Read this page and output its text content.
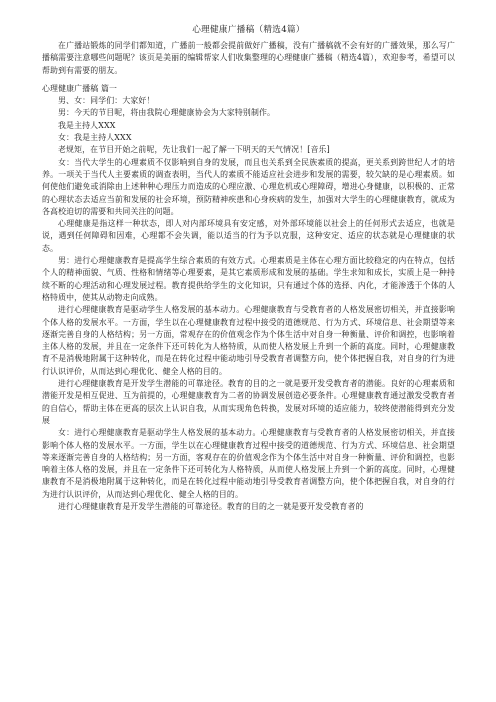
心理健康广播稿（精选4篇）

在广播站锻炼的同学们都知道，广播前一般都会提前做好广播稿，没有广播稿就不会有好的广播效果，那么写广播稿需要注意哪些问题呢？该页是美丽的编辑帮家人们收集整理的心理健康广播稿（精选4篇），欢迎参考，希望可以帮助到有需要的朋友。

心理健康广播稿 篇一

男、女：同学们：大家好！

男：今天的节目呢，将由我院心理健康协会为大家特别制作。

我是主持人XXX

女：我是主持人XXX

老规矩，在节目开始之前呢，先让我们一起了解一下明天的天气情况！[音乐]

女：当代大学生的心理素质不仅影响到自身的发展，而且也关系到全民族素质的提高，更关系到跨世纪人才的培养。一项关于当代人主要素质的调查表明，当代人的素质不能适应社会进步和发展的需要，较欠缺的是心理素质。如何使他们避免或消除由上述种种心理压力而造成的心理应激、心理危机或心理障碍，增进心身健康，以积极的、正常的心理状态去适应当前和发展的社会环境，预防精神疾患和心身疾病的发生，加强对大学生的心理健康教育，就成为各高校迫切的需要和共同关注的问题。

心理健康是指这样一种状态，即人对内部环境具有安定感，对外部环境能以社会上的任何形式去适应，也就是说，遇到任何障碍和因难，心理都不会失调，能以适当的行为予以克服，这种安定、适应的状态就是心理健康的状态。

男：进行心理健康教育是提高学生综合素质的有效方式。心理素质是主体在心理方面比较稳定的内在特点，包括个人的精神面貌、气质、性格和情绪等心理要素，是其它素质形成和发展的基础。学生求知和成长，实质上是一种持续不断的心理活动和心理发展过程。教育提供给学生的文化知识，只有通过个体的选择、内化，才能渗透于个体的人格特质中，使其从动物走向成熟。

进行心理健康教育是驱动学生人格发展的基本动力。心理健康教育与受教育者的人格发展密切相关，并直接影响个体人格的发展水平。一方面，学生以在心理健康教育过程中接受的道德规范、行为方式、环境信息、社会期望等来逐渐完善自身的人格结构；另一方面，常观存在的价值观念作为个体生活中对自身一种衡量、评价和调控，也影响着主体人格的发展，并且在一定条件下还可转化为人格特质，从而使人格发展上升到一个新的高度。同时，心理健康教育不是消极地附属于这种转化，而是在转化过程中能动地引导受教育者调整方向，使个体把握自我，对自身的行为进行认识评价，从而达到心理优化、健全人格的目的。

进行心理健康教育是开发学生潜能的可靠途径。教育的目的之一就是要开发受教育者的潜能。良好的心理素质和潜能开发是相互促进、互为前提的，心理健康教育为二者的协调发展创造必要条件。心理健康教育通过激发受教育者的自信心，帮助主体在更高的层次上认识自我，从而实现角色转换，发展对环境的适应能力，较终使潜能得到充分发展

女：进行心理健康教育是驱动学生人格发展的基本动力。心理健康教育与受教育者的人格发展密切相关，并直接影响个体人格的发展水平。一方面，学生以在心理健康教育过程中接受的道德规范、行为方式、环境信息、社会期望等来逐渐完善自身的人格结构；另一方面，客观存在的价值观念作为个体生活中对自身一种衡量、评价和调控，也影响着主体人格的发展，并且在一定条件下还可转化为人格特质，从而使人格发展上升到一个新的高度。同时，心理健康教育不是消极地附属于这种转化，而是在转化过程中能动地引导受教育者调整方向，使个体把握自我，对自身的行为进行认识评价，从而达到心理优化、健全人格的目的。

进行心理健康教育是开发学生潜能的可靠途径。教育的目的之一就是要开发受教育者的
